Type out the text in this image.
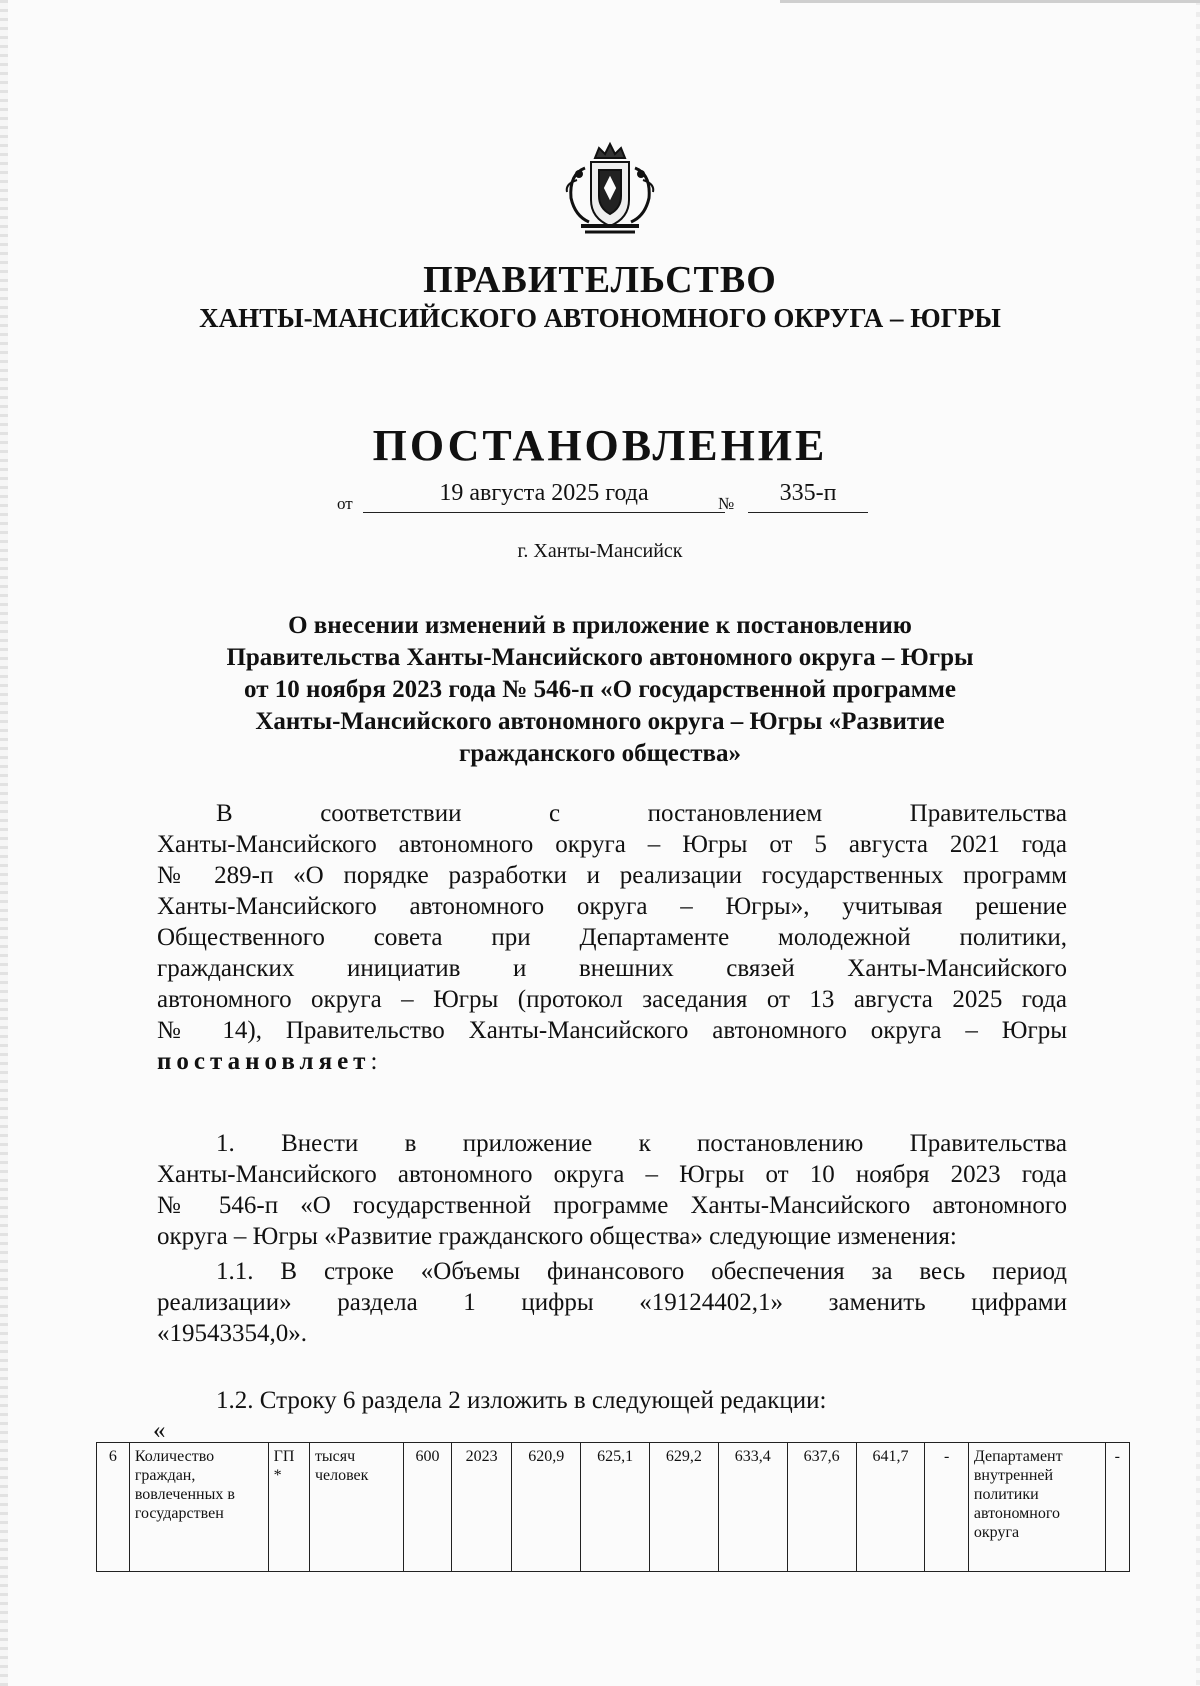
ПРАВИТЕЛЬСТВО
ХАНТЫ-МАНСИЙСКОГО АВТОНОМНОГО ОКРУГА – ЮГРЫ
ПОСТАНОВЛЕНИЕ
от	19 августа 2025 года	№	335-п
г. Ханты-Мансийск
О внесении изменений в приложение к постановлению
Правительства Ханты-Мансийского автономного округа – Югры
от 10 ноября 2023 года № 546-п «О государственной программе
Ханты-Мансийского автономного округа – Югры «Развитие
гражданского общества»
В соответствии с постановлением Правительства
Ханты-Мансийского автономного округа – Югры от 5 августа 2021 года
№ 289-п «О порядке разработки и реализации государственных программ
Ханты-Мансийского автономного округа – Югры», учитывая решение
Общественного совета при Департаменте молодежной политики,
гражданских инициатив и внешних связей Ханты-Мансийского
автономного округа – Югры (протокол заседания от 13 августа 2025 года
№ 14), Правительство Ханты-Мансийского автономного округа – Югры
постановляет:
1. Внести в приложение к постановлению Правительства
Ханты-Мансийского автономного округа – Югры от 10 ноября 2023 года
№ 546-п «О государственной программе Ханты-Мансийского автономного
округа – Югры «Развитие гражданского общества» следующие изменения:
1.1. В строке «Объемы финансового обеспечения за весь период
реализации» раздела 1 цифры «19124402,1» заменить цифрами
«19543354,0».
1.2. Строку 6 раздела 2 изложить в следующей редакции:
«
6	Количество граждан, вовлеченных в государствен	ГП *	тысяч человек	600	2023	620,9	625,1	629,2	633,4	637,6	641,7	-	Департамент внутренней политики автономного округа	-
